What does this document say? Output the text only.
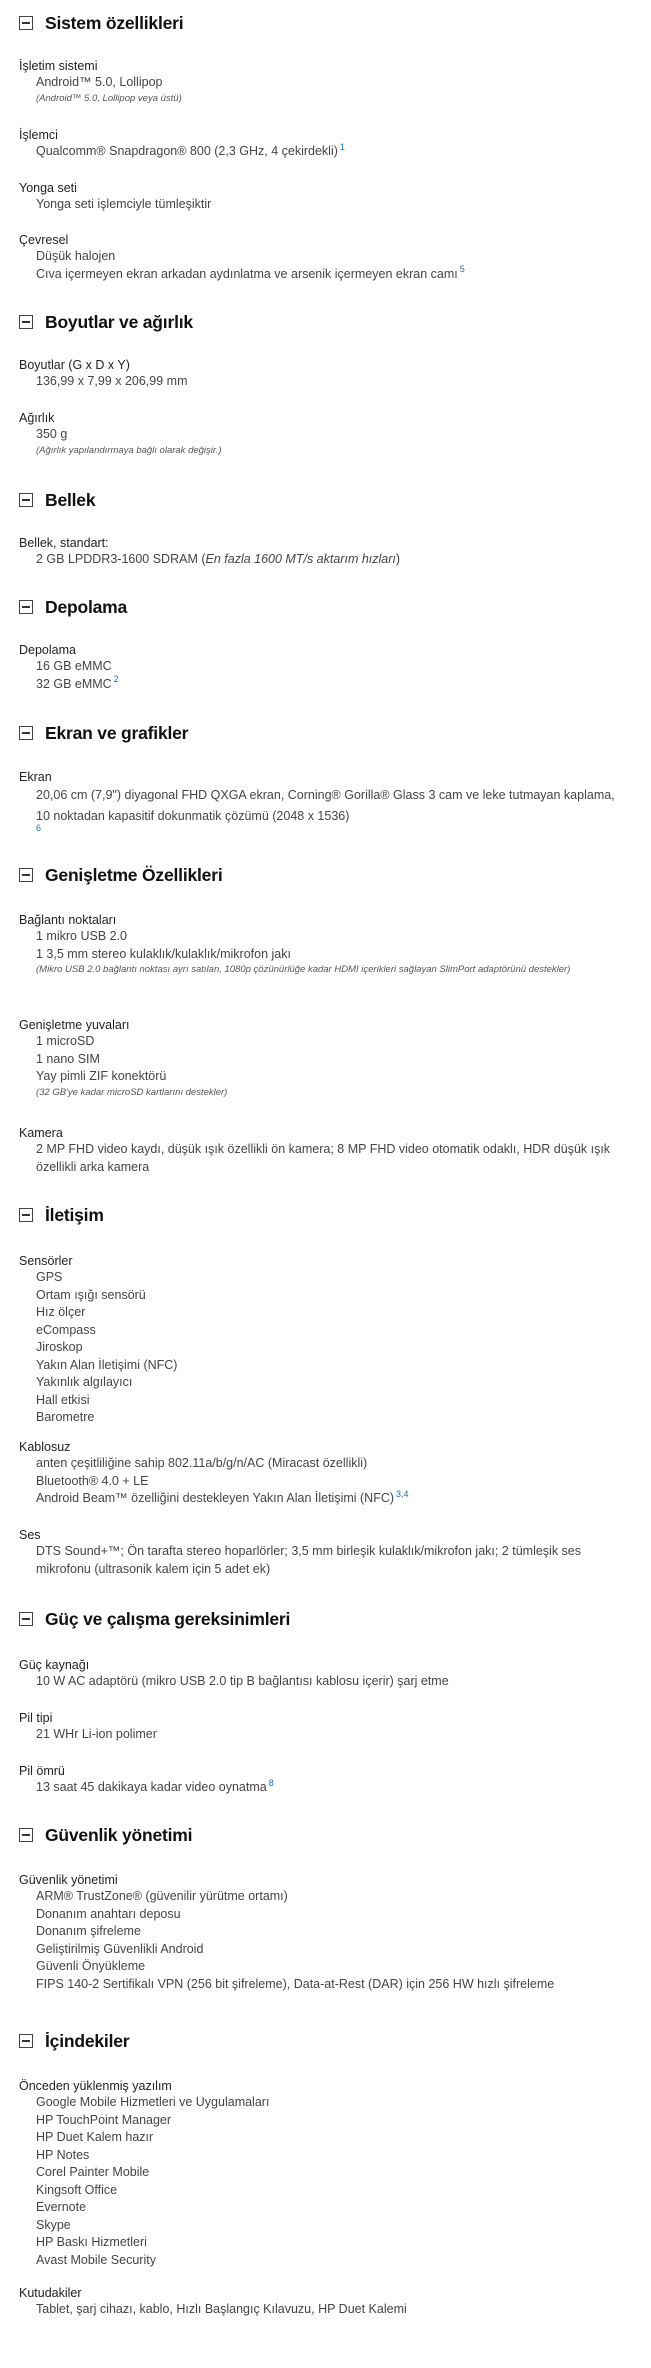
Sistem özellikleri
İşletim sistemi
Android™ 5.0, Lollipop
(Android™ 5.0, Lollipop veya üstü)
İşlemci
Qualcomm® Snapdragon® 800 (2,3 GHz, 4 çekirdekli) $^1$
Yonga seti
Yonga seti işlemciyle tümleşiktir
Çevresel
Düşük halojen
Cıva içermeyen ekran arkadan aydınlatma ve arsenik içermeyen ekran camı $^5$
Boyutlar ve ağırlık
Boyutlar (G x D x Y)
136,99 x 7,99 x 206,99 mm
Ağırlık
350 g
(Ağırlık yapılandırmaya bağlı olarak değişir.)
Bellek
Bellek, standart:
2 GB LPDDR3-1600 SDRAM (En fazla 1600 MT/s aktarım hızları)
Depolama
Depolama
16 GB eMMC
32 GB eMMC $^2$
Ekran ve grafikler
Ekran
20,06 cm (7,9") diyagonal FHD QXGA ekran, Corning® Gorilla® Glass 3 cam ve leke tutmayan kaplama, 10 noktadan kapasitif dokunmatik çözümü (2048 x 1536)
$^6$
Genişletme Özellikleri
Bağlantı noktaları
1 mikro USB 2.0
1 3,5 mm stereo kulaklık/kulaklık/mikrofon jakı
(Mikro USB 2.0 bağlantı noktası ayrı satılan, 1080p çözünürlüğe kadar HDMI içerikleri sağlayan SlimPort adaptörünü destekler)
Genişletme yuvaları
1 microSD
1 nano SIM
Yay pimli ZIF konektörü
(32 GB'ye kadar microSD kartlarını destekler)
Kamera
2 MP FHD video kaydı, düşük ışık özellikli ön kamera; 8 MP FHD video otomatik odaklı, HDR düşük ışık özellikli arka kamera
İletişim
Sensörler
GPS
Ortam ışığı sensörü
Hız ölçer
eCompass
Jiroskop
Yakın Alan İletişimi (NFC)
Yakınlık algılayıcı
Hall etkisi
Barometre
Kablosuz
anten çeşitliliğine sahip 802.11a/b/g/n/AC (Miracast özellikli)
Bluetooth® 4.0 + LE
Android Beam™ özelliğini destekleyen Yakın Alan İletişimi (NFC) $^{3,4}$
Ses
DTS Sound+™; Ön tarafta stereo hoparlörler; 3,5 mm birleşik kulaklık/mikrofon jakı; 2 tümleşik ses mikrofonu (ultrasonik kalem için 5 adet ek)
Güç ve çalışma gereksinimleri
Güç kaynağı
10 W AC adaptörü (mikro USB 2.0 tip B bağlantısı kablosu içerir) şarj etme
Pil tipi
21 WHr Li-ion polimer
Pil ömrü
13 saat 45 dakikaya kadar video oynatma $^8$
Güvenlik yönetimi
Güvenlik yönetimi
ARM® TrustZone® (güvenilir yürütme ortamı)
Donanım anahtarı deposu
Donanım şifreleme
Geliştirilmiş Güvenlikli Android
Güvenli Önyükleme
FIPS 140-2 Sertifikalı VPN (256 bit şifreleme), Data-at-Rest (DAR) için 256 HW hızlı şifreleme
İçindekiler
Önceden yüklenmiş yazılım
Google Mobile Hizmetleri ve Uygulamaları
HP TouchPoint Manager
HP Duet Kalem hazır
HP Notes
Corel Painter Mobile
Kingsoft Office
Evernote
Skype
HP Baskı Hizmetleri
Avast Mobile Security
Kutudakiler
Tablet, şarj cihazı, kablo, Hızlı Başlangıç Kılavuzu, HP Duet Kalemi
